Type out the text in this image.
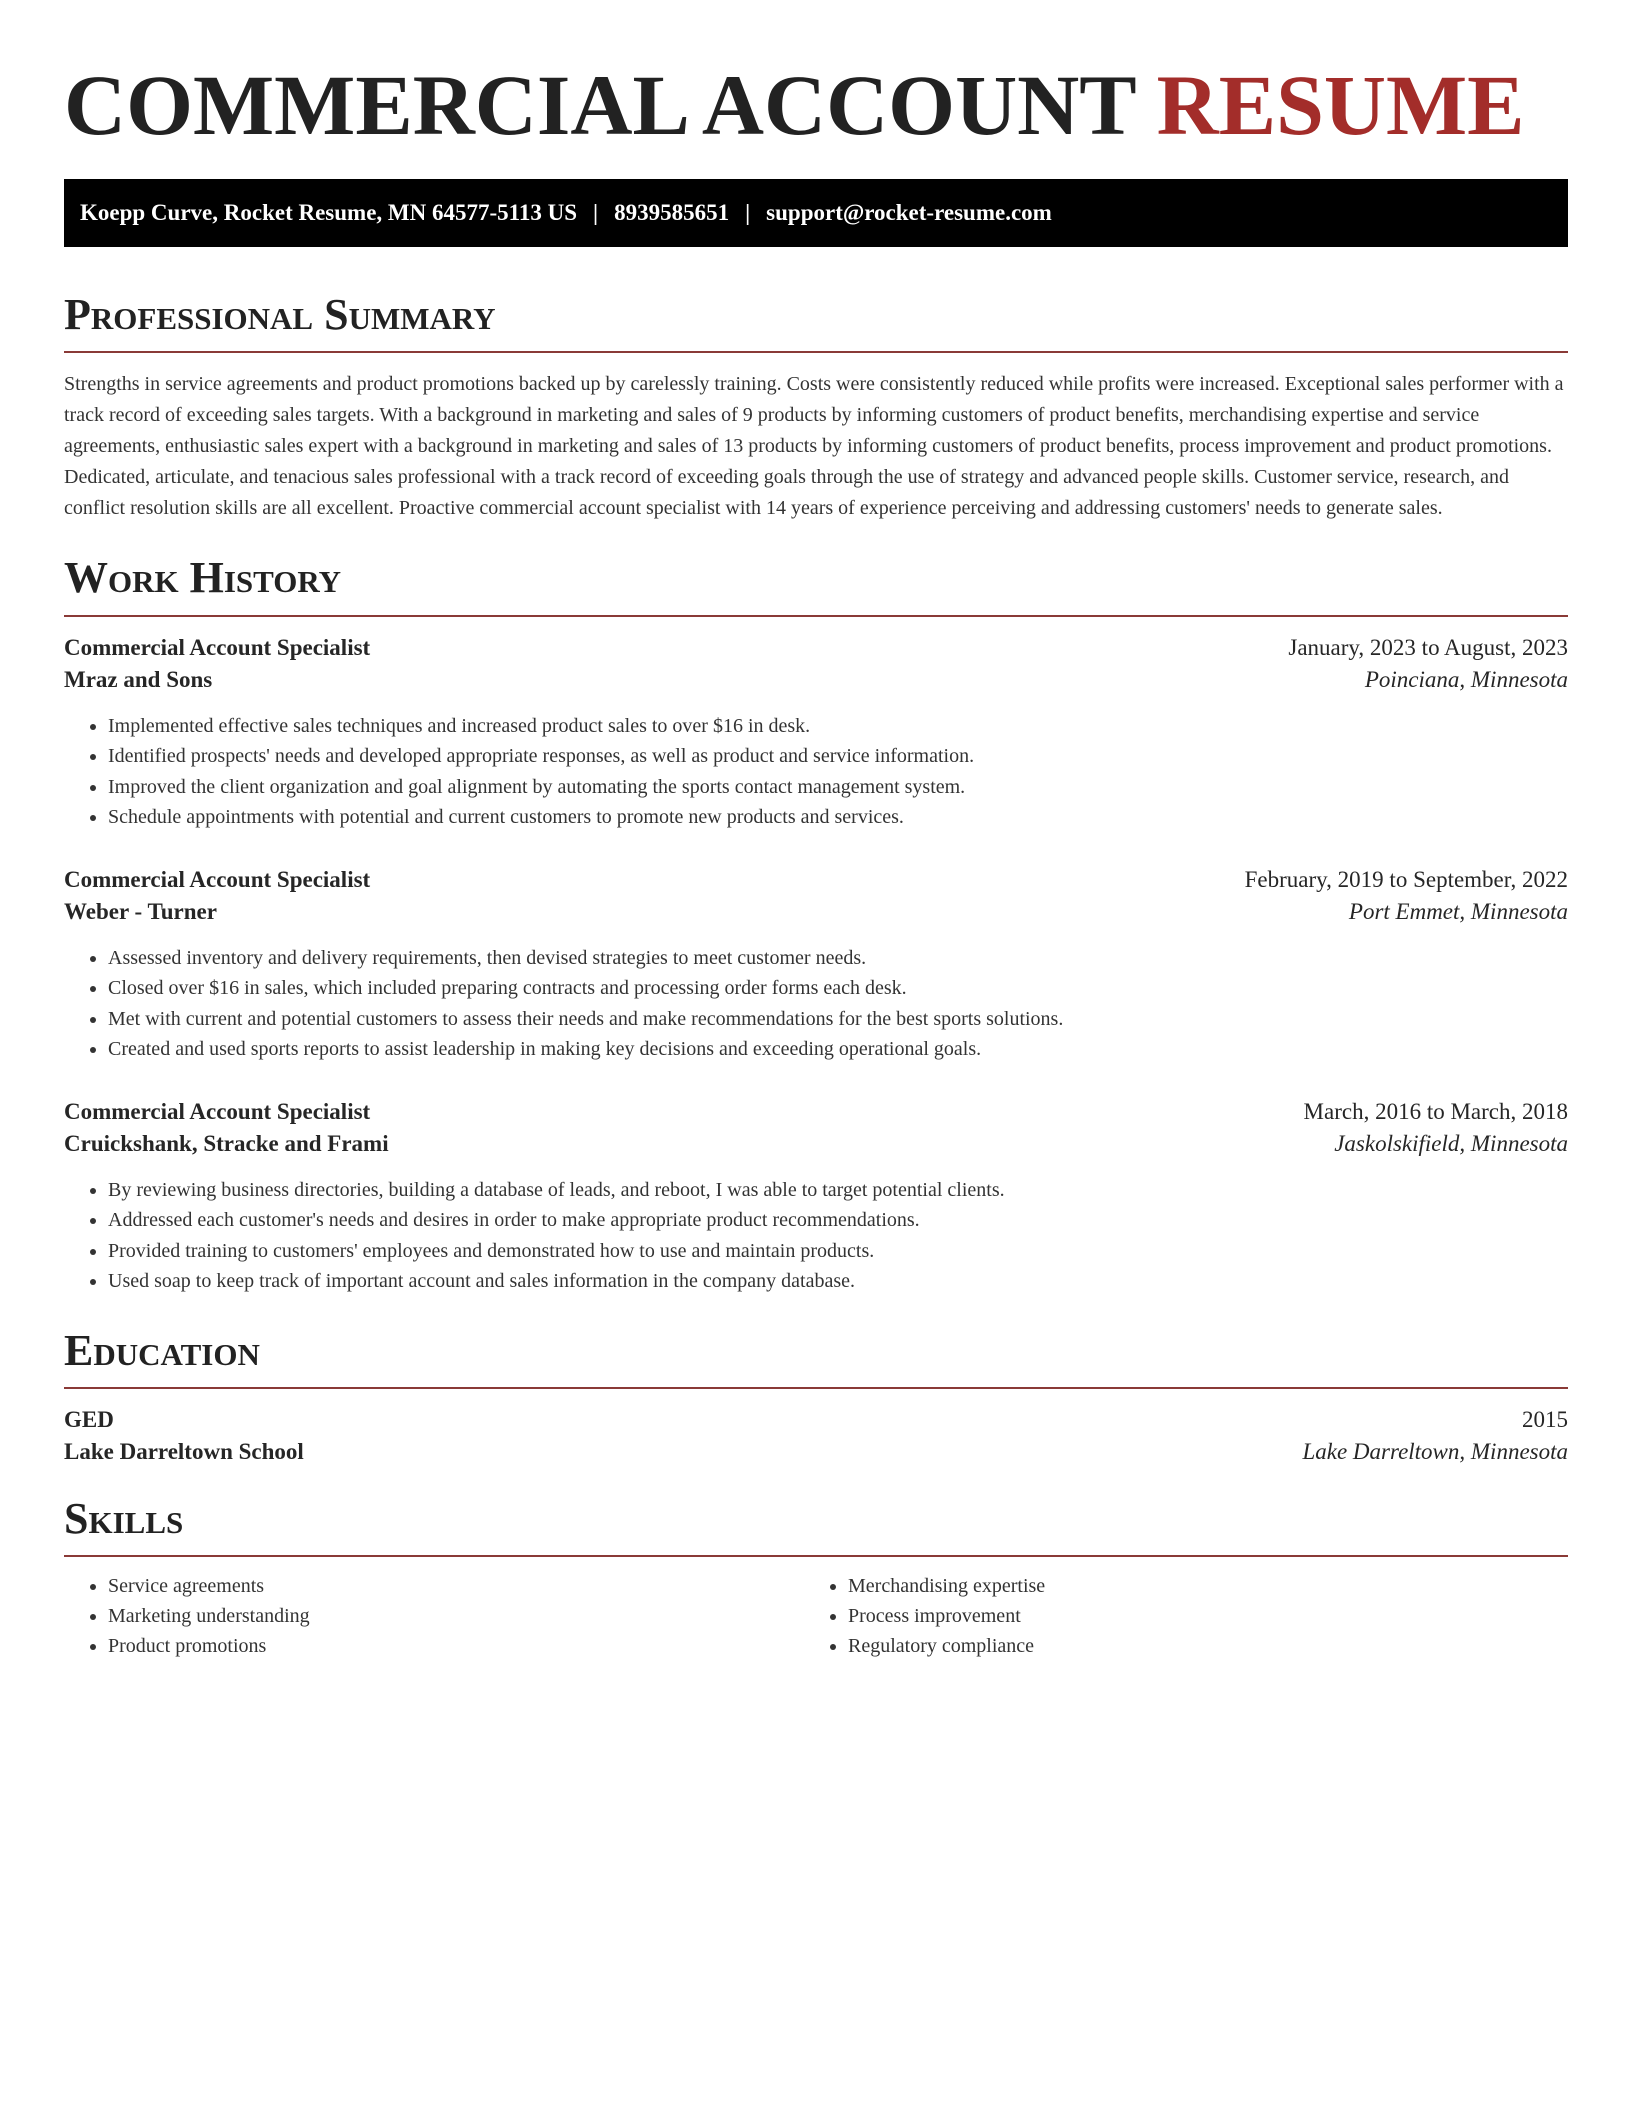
COMMERCIAL ACCOUNT RESUME
Koepp Curve, Rocket Resume, MN 64577-5113 US | 8939585651 | support@rocket-resume.com
Professional Summary

Strengths in service agreements and product promotions backed up by carelessly training. Costs were consistently reduced while profits were increased. Exceptional sales performer with a track record of exceeding sales targets. With a background in marketing and sales of 9 products by informing customers of product benefits, merchandising expertise and service agreements, enthusiastic sales expert with a background in marketing and sales of 13 products by informing customers of product benefits, process improvement and product promotions. Dedicated, articulate, and tenacious sales professional with a track record of exceeding goals through the use of strategy and advanced people skills. Customer service, research, and conflict resolution skills are all excellent. Proactive commercial account specialist with 14 years of experience perceiving and addressing customers' needs to generate sales.

Work History
Commercial Account Specialist	January, 2023 to August, 2023
Mraz and Sons	Poinciana, Minnesota
• Implemented effective sales techniques and increased product sales to over $16 in desk.
• Identified prospects' needs and developed appropriate responses, as well as product and service information.
• Improved the client organization and goal alignment by automating the sports contact management system.
• Schedule appointments with potential and current customers to promote new products and services.
Commercial Account Specialist	February, 2019 to September, 2022
Weber - Turner	Port Emmet, Minnesota
• Assessed inventory and delivery requirements, then devised strategies to meet customer needs.
• Closed over $16 in sales, which included preparing contracts and processing order forms each desk.
• Met with current and potential customers to assess their needs and make recommendations for the best sports solutions.
• Created and used sports reports to assist leadership in making key decisions and exceeding operational goals.
Commercial Account Specialist	March, 2016 to March, 2018
Cruickshank, Stracke and Frami	Jaskolskifield, Minnesota
• By reviewing business directories, building a database of leads, and reboot, I was able to target potential clients.
• Addressed each customer's needs and desires in order to make appropriate product recommendations.
• Provided training to customers' employees and demonstrated how to use and maintain products.
• Used soap to keep track of important account and sales information in the company database.
Education
GED	2015
Lake Darreltown School	Lake Darreltown, Minnesota
Skills
• Service agreements
• Marketing understanding
• Product promotions
• Merchandising expertise
• Process improvement
• Regulatory compliance
